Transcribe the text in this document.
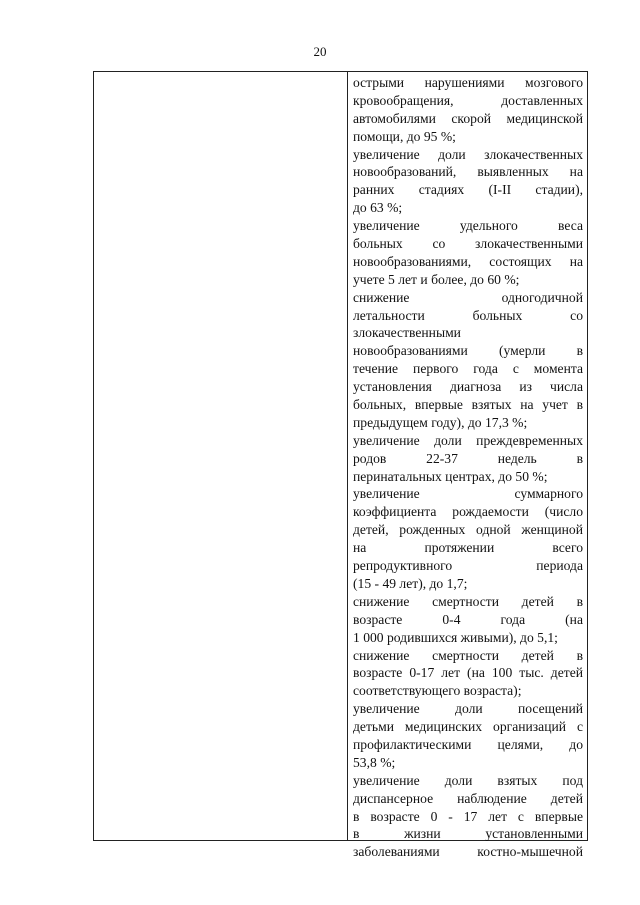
20
острыми нарушениями мозгового
кровообращения, доставленных
автомобилями скорой медицинской
помощи, до 95 %;
увеличение доли злокачественных
новообразований, выявленных на
ранних стадиях (I-II стадии),
до 63 %;
увеличение удельного веса
больных со злокачественными
новообразованиями, состоящих на
учете 5 лет и более, до 60 %;
снижение одногодичной
летальности больных со
злокачественными
новообразованиями (умерли в
течение первого года с момента
установления диагноза из числа
больных, впервые взятых на учет в
предыдущем году), до 17,3 %;
увеличение доли преждевременных
родов 22-37 недель в
перинатальных центрах, до 50 %;
увеличение суммарного
коэффициента рождаемости (число
детей, рожденных одной женщиной
на протяжении всего
репродуктивного периода
(15 - 49 лет), до 1,7;
снижение смертности детей в
возрасте 0-4 года (на
1 000 родившихся живыми), до 5,1;
снижение смертности детей в
возрасте 0-17 лет (на 100 тыс. детей
соответствующего возраста);
увеличение доли посещений
детьми медицинских организаций с
профилактическими целями, до
53,8 %;
увеличение доли взятых под
диспансерное наблюдение детей
в возрасте 0 - 17 лет с впервые
в жизни установленными
заболеваниями костно-мышечной
